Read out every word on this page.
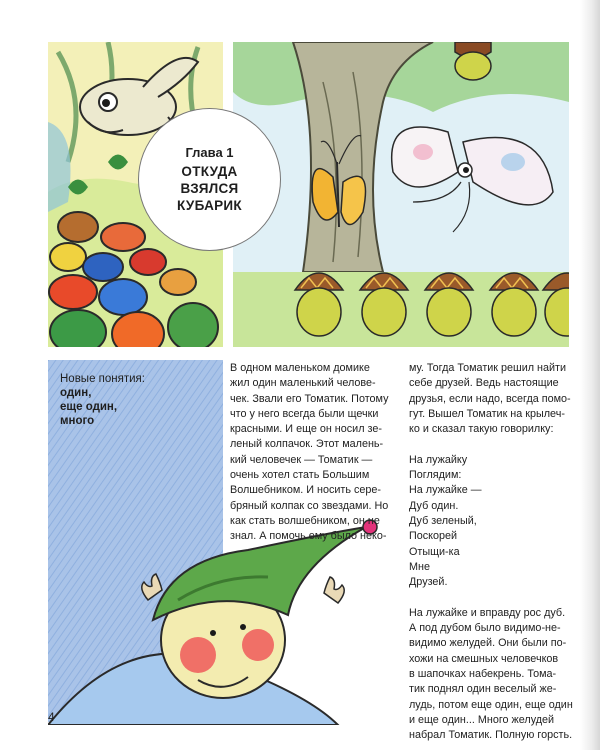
Глава 1
ОТКУДА
ВЗЯЛСЯ
КУБАРИК
Новые понятия:
один,
еще один,
много
В одном маленьком домике
жил один маленький челове-
чек. Звали его Томатик. Потому
что у него всегда были щечки
красными. И еще он носил зе-
леный колпачок. Этот малень-
кий человечек — Томатик —
очень хотел стать Большим
Волшебником. И носить сере-
бряный колпак со звездами. Но
как стать волшебником, он не
знал. А помочь ему было неко-
му. Тогда Томатик решил найти
себе друзей. Ведь настоящие
друзья, если надо, всегда помо-
гут. Вышел Томатик на крылеч-
ко и сказал такую говорилку:
На лужайку
Поглядим:
На лужайке —
Дуб один.
Дуб зеленый,
Поскорей
Отыщи-ка
Мне
Друзей.
На лужайке и вправду рос дуб.
А под дубом было видимо-не-
видимо желудей. Они были по-
хожи на смешных человечков
в шапочках набекрень. Тома-
тик поднял один веселый же-
лудь, потом еще один, еще один
и еще один... Много желудей
набрал Томатик. Полную горсть.
4
